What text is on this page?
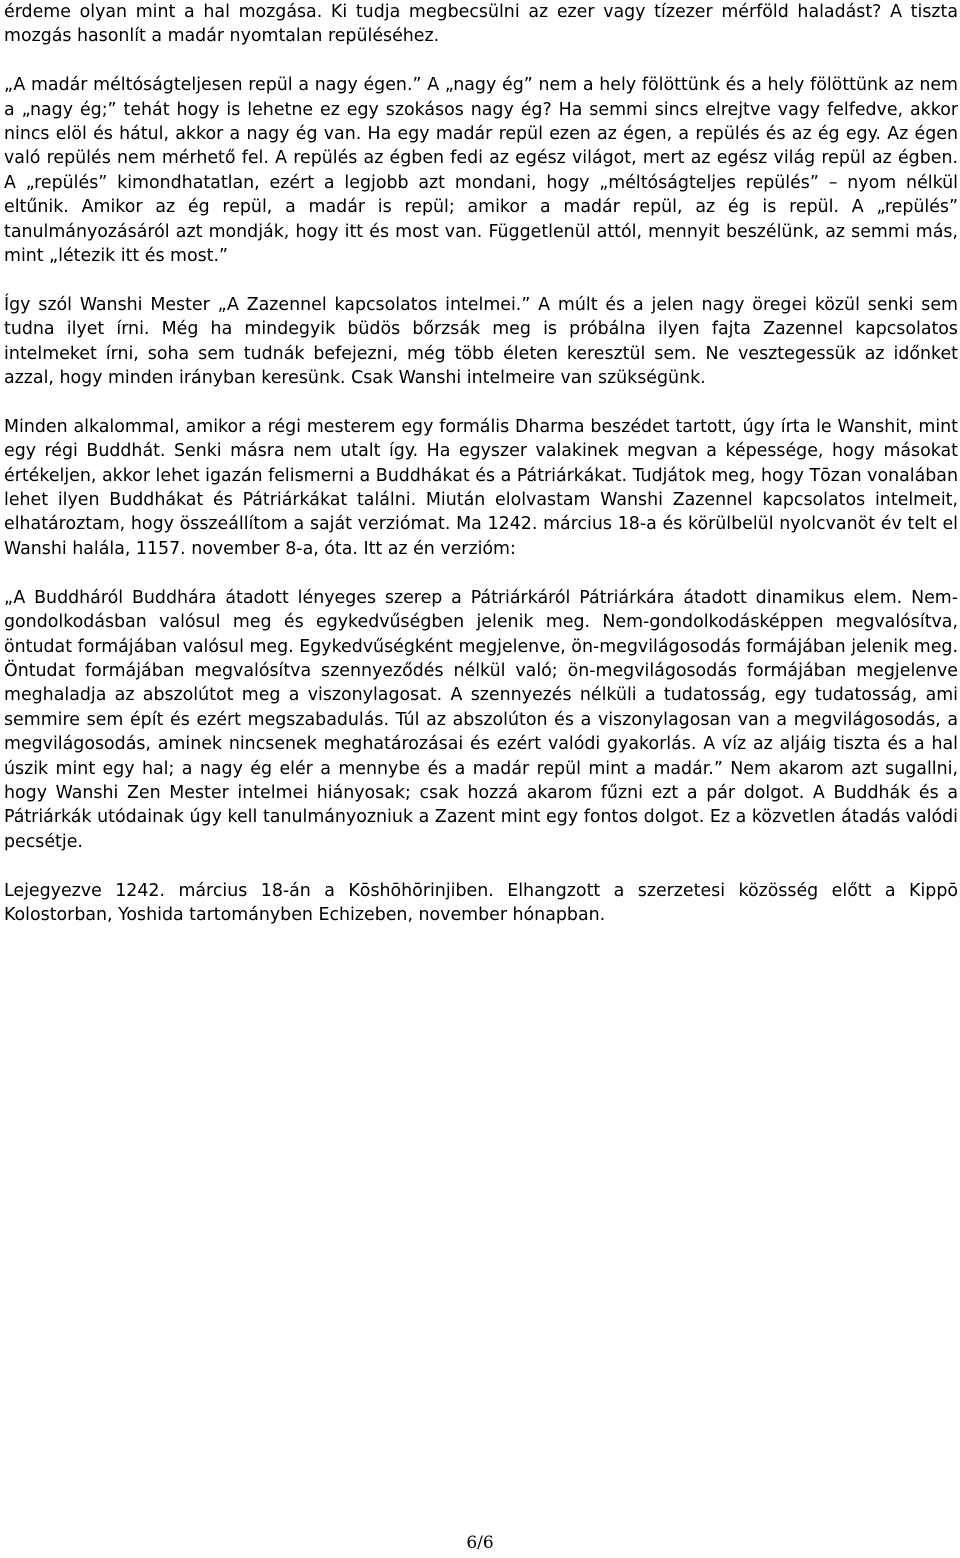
érdeme olyan mint a hal mozgása. Ki tudja megbecsülni az ezer vagy tízezer mérföld haladást? A tiszta mozgás hasonlít a madár nyomtalan repüléséhez.

„A madár méltóságteljesen repül a nagy égen.” A „nagy ég” nem a hely fölöttünk és a hely fölöttünk az nem a „nagy ég;” tehát hogy is lehetne ez egy szokásos nagy ég? Ha semmi sincs elrejtve vagy felfedve, akkor nincs elöl és hátul, akkor a nagy ég van. Ha egy madár repül ezen az égen, a repülés és az ég egy. Az égen való repülés nem mérhető fel. A repülés az égben fedi az egész világot, mert az egész világ repül az égben. A „repülés” kimondhatatlan, ezért a legjobb azt mondani, hogy „méltóságteljes repülés” – nyom nélkül eltűnik. Amikor az ég repül, a madár is repül; amikor a madár repül, az ég is repül. A „repülés” tanulmányozásáról azt mondják, hogy itt és most van. Függetlenül attól, mennyit beszélünk, az semmi más, mint „létezik itt és most.”

Így szól Wanshi Mester „A Zazennel kapcsolatos intelmei.” A múlt és a jelen nagy öregei közül senki sem tudna ilyet írni. Még ha mindegyik büdös bőrzsák meg is próbálna ilyen fajta Zazennel kapcsolatos intelmeket írni, soha sem tudnák befejezni, még több életen keresztül sem. Ne vesztegessük az időnket azzal, hogy minden irányban keresünk. Csak Wanshi intelmeire van szükségünk.

Minden alkalommal, amikor a régi mesterem egy formális Dharma beszédet tartott, úgy írta le Wanshit, mint egy régi Buddhát. Senki másra nem utalt így. Ha egyszer valakinek megvan a képessége, hogy másokat értékeljen, akkor lehet igazán felismerni a Buddhákat és a Pátriárkákat. Tudjátok meg, hogy Tōzan vonalában lehet ilyen Buddhákat és Pátriárkákat találni. Miután elolvastam Wanshi Zazennel kapcsolatos intelmeit, elhatároztam, hogy összeállítom a saját verziómat. Ma 1242. március 18-a és körülbelül nyolcvanöt év telt el Wanshi halála, 1157. november 8-a, óta. Itt az én verzióm:

„A Buddháról Buddhára átadott lényeges szerep a Pátriárkáról Pátriárkára átadott dinamikus elem. Nem-gondolkodásban valósul meg és egykedvűségben jelenik meg. Nem-gondolkodásképpen megvalósítva, öntudat formájában valósul meg. Egykedvűségként megjelenve, ön-megvilágosodás formájában jelenik meg. Öntudat formájában megvalósítva szennyeződés nélkül való; ön-megvilágosodás formájában megjelenve meghaladja az abszolútot meg a viszonylagosat. A szennyezés nélküli a tudatosság, egy tudatosság, ami semmire sem épít és ezért megszabadulás. Túl az abszolúton és a viszonylagosan van a megvilágosodás, a megvilágosodás, aminek nincsenek meghatározásai és ezért valódi gyakorlás. A víz az aljáig tiszta és a hal úszik mint egy hal; a nagy ég elér a mennybe és a madár repül mint a madár.” Nem akarom azt sugallni, hogy Wanshi Zen Mester intelmei hiányosak; csak hozzá akarom fűzni ezt a pár dolgot. A Buddhák és a Pátriárkák utódainak úgy kell tanulmányozniuk a Zazent mint egy fontos dolgot. Ez a közvetlen átadás valódi pecsétje.

Lejegyezve 1242. március 18-án a Kōshōhōrinjiben. Elhangzott a szerzetesi közösség előtt a Kippō Kolostorban, Yoshida tartományben Echizeben, november hónapban.

6/6
